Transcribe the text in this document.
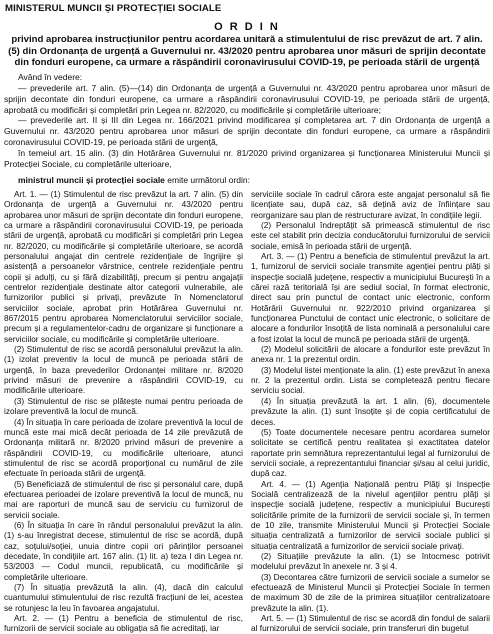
MINISTERUL MUNCII ȘI PROTECȚIEI SOCIALE
O R D I N
privind aprobarea instrucțiunilor pentru acordarea unitară a stimulentului de risc prevăzut de art. 7 alin. (5) din Ordonanța de urgență a Guvernului nr. 43/2020 pentru aprobarea unor măsuri de sprijin decontate din fonduri europene, ca urmare a răspândirii coronavirusului COVID-19, pe perioada stării de urgență

Având în vedere:

— prevederile art. 7 alin. (5)—(14) din Ordonanța de urgență a Guvernului nr. 43/2020 pentru aprobarea unor măsuri de sprijin decontate din fonduri europene, ca urmare a răspândirii coronavirusului COVID-19, pe perioada stării de urgență, aprobată cu modificări și completări prin Legea nr. 82/2020, cu modificările și completările ulterioare;

— prevederile art. II și III din Legea nr. 166/2021 privind modificarea și completarea art. 7 din Ordonanța de urgență a Guvernului nr. 43/2020 pentru aprobarea unor măsuri de sprijin decontate din fonduri europene, ca urmare a răspândirii coronavirusului COVID-19, pe perioada stării de urgență,

în temeiul art. 15 alin. (3) din Hotărârea Guvernului nr. 81/2020 privind organizarea și funcționarea Ministerului Muncii și Protecției Sociale, cu completările ulterioare,

ministrul muncii și protecției sociale emite următorul ordin:

Art. 1. — (1) Stimulentul de risc prevăzut la art. 7 alin. (5) din Ordonanța de urgență a Guvernului nr. 43/2020 pentru aprobarea unor măsuri de sprijin decontate din fonduri europene, ca urmare a răspândirii coronavirusului COVID-19, pe perioada stării de urgență, aprobată cu modificări și completări prin Legea nr. 82/2020, cu modificările și completările ulterioare, se acordă personalului angajat din centrele rezidențiale de îngrijire și asistență a persoanelor vârstnice, centrele rezidențiale pentru copii și adulți, cu și fără dizabilități, precum și pentru angajații centrelor rezidențiale destinate altor categorii vulnerabile, ale furnizorilor publici și privați, prevăzute în Nomenclatorul serviciilor sociale, aprobat prin Hotărârea Guvernului nr. 867/2015 pentru aprobarea Nomenclatorului serviciilor sociale, precum și a regulamentelor-cadru de organizare și funcționare a serviciilor sociale, cu modificările și completările ulterioare.

(2) Stimulentul de risc se acordă personalului prevăzut la alin. (1) izolat preventiv la locul de muncă pe perioada stării de urgență, în baza prevederilor Ordonanței militare nr. 8/2020 privind măsuri de prevenire a răspândirii COVID-19, cu modificările ulterioare.

(3) Stimulentul de risc se plătește numai pentru perioada de izolare preventivă la locul de muncă.

(4) În situația în care perioada de izolare preventivă la locul de muncă este mai mică decât perioada de 14 zile prevăzută de Ordonanța militară nr. 8/2020 privind măsuri de prevenire a răspândirii COVID-19, cu modificările ulterioare, atunci stimulentul de risc se acordă proporțional cu numărul de zile efectuate în perioada stării de urgență.

(5) Beneficiază de stimulentul de risc și personalul care, după efectuarea perioadei de izolare preventivă la locul de muncă, nu mai are raporturi de muncă sau de serviciu cu furnizorul de servicii sociale.

(6) În situația în care în rândul personalului prevăzut la alin. (1) s-au înregistrat decese, stimulentul de risc se acordă, după caz, soțului/soției, unuia dintre copii ori părinților persoanei decedate, în condițiile art. 167 alin. (1) lit. a) teza I din Legea nr. 53/2003 — Codul muncii, republicată, cu modificările și completările ulterioare.

(7) În situația prevăzută la alin. (4), dacă din calculul cuantumului stimulentului de risc rezultă fracțiuni de lei, acestea se rotunjesc la leu în favoarea angajatului.

Art. 2. — (1) Pentru a beneficia de stimulentul de risc, furnizorii de servicii sociale au obligația să fie acreditați, iar

serviciile sociale în cadrul cărora este angajat personalul să fie licențiate sau, după caz, să dețină aviz de înființare sau reorganizare sau plan de restructurare avizat, în condițiile legii.

(2) Personalul îndreptățit să primească stimulentul de risc este cel stabilit prin decizia conducătorului furnizorului de servicii sociale, emisă în perioada stării de urgență.

Art. 3. — (1) Pentru a beneficia de stimulentul prevăzut la art. 1, furnizorul de servicii sociale transmite agenției pentru plăți și inspecție socială județene, respectiv a municipiului București în a cărei rază teritorială își are sediul social, în format electronic, direct sau prin punctul de contact unic electronic, conform Hotărârii Guvernului nr. 922/2010 privind organizarea și funcționarea Punctului de contact unic electronic, o solicitare de alocare a fondurilor însoțită de lista nominală a personalului care a fost izolat la locul de muncă pe perioada stării de urgență.

(2) Modelul solicitării de alocare a fondurilor este prevăzut în anexa nr. 1 la prezentul ordin.

(3) Modelul listei menționate la alin. (1) este prevăzut în anexa nr. 2 la prezentul ordin. Lista se completează pentru fiecare serviciu social.

(4) În situația prevăzută la art. 1 alin. (6), documentele prevăzute la alin. (1) sunt însoțite și de copia certificatului de deces.

(5) Toate documentele necesare pentru acordarea sumelor solicitate se certifică pentru realitatea și exactitatea datelor raportate prin semnătura reprezentantului legal al furnizorului de servicii sociale, a reprezentantului financiar și/sau al celui juridic, după caz.

Art. 4. — (1) Agenția Națională pentru Plăți și Inspecție Socială centralizează de la nivelul agențiilor pentru plăți și inspecție socială județene, respectiv a municipiului București solicitările primite de la furnizorii de servicii sociale și, în termen de 10 zile, transmite Ministerului Muncii și Protecției Sociale situația centralizată a furnizorilor de servicii sociale publici și situația centralizată a furnizorilor de servicii sociale privați.

(2) Situațiile prevăzute la alin. (1) se întocmesc potrivit modelului prevăzut în anexele nr. 3 și 4.

(3) Decontarea către furnizorii de servicii sociale a sumelor se efectuează de Ministerul Muncii și Protecției Sociale în termen de maximum 30 de zile de la primirea situațiilor centralizatoare prevăzute la alin. (1).

Art. 5. — (1) Stimulentul de risc se acordă din fondul de salarii al furnizorului de servicii sociale, prin transferuri din bugetul
